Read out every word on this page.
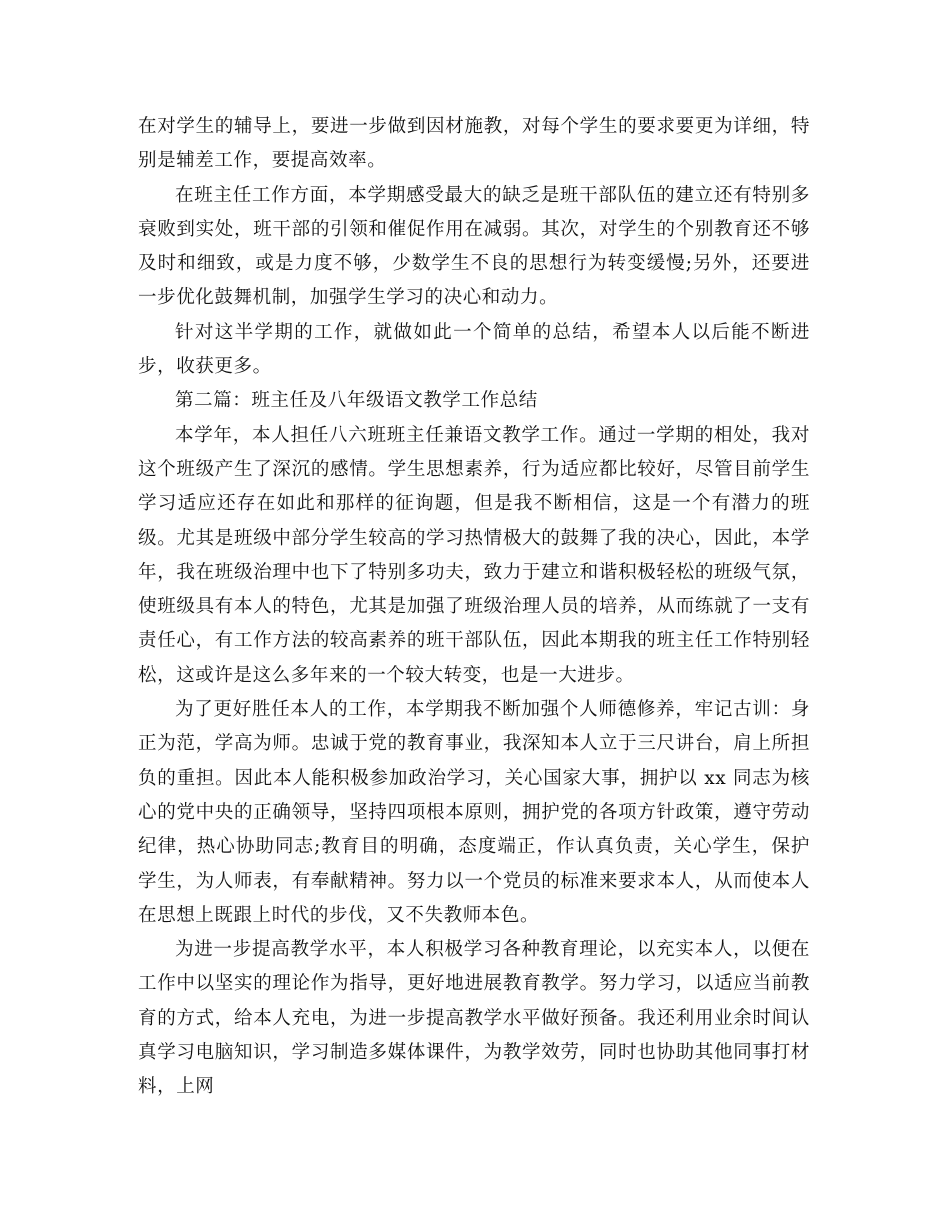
在对学生的辅导上，要进一步做到因材施教，对每个学生的要求要更为详细，特别是辅差工作，要提高效率。

在班主任工作方面，本学期感受最大的缺乏是班干部队伍的建立还有特别多衰败到实处，班干部的引领和催促作用在减弱。其次，对学生的个别教育还不够及时和细致，或是力度不够，少数学生不良的思想行为转变缓慢;另外，还要进一步优化鼓舞机制，加强学生学习的决心和动力。

针对这半学期的工作，就做如此一个简单的总结，希望本人以后能不断进步，收获更多。

第二篇：班主任及八年级语文教学工作总结

本学年，本人担任八六班班主任兼语文教学工作。通过一学期的相处，我对这个班级产生了深沉的感情。学生思想素养，行为适应都比较好，尽管目前学生学习适应还存在如此和那样的征询题，但是我不断相信，这是一个有潜力的班级。尤其是班级中部分学生较高的学习热情极大的鼓舞了我的决心，因此，本学年，我在班级治理中也下了特别多功夫，致力于建立和谐积极轻松的班级气氛，使班级具有本人的特色，尤其是加强了班级治理人员的培养，从而练就了一支有责任心，有工作方法的较高素养的班干部队伍，因此本期我的班主任工作特别轻松，这或许是这么多年来的一个较大转变，也是一大进步。

为了更好胜任本人的工作，本学期我不断加强个人师德修养，牢记古训：身正为范，学高为师。忠诚于党的教育事业，我深知本人立于三尺讲台，肩上所担负的重担。因此本人能积极参加政治学习，关心国家大事，拥护以 xx 同志为核心的党中央的正确领导，坚持四项根本原则，拥护党的各项方针政策，遵守劳动纪律，热心协助同志;教育目的明确，态度端正，作认真负责，关心学生，保护学生，为人师表，有奉献精神。努力以一个党员的标准来要求本人，从而使本人在思想上既跟上时代的步伐，又不失教师本色。

为进一步提高教学水平，本人积极学习各种教育理论，以充实本人，以便在工作中以坚实的理论作为指导，更好地进展教育教学。努力学习，以适应当前教育的方式，给本人充电，为进一步提高教学水平做好预备。我还利用业余时间认真学习电脑知识，学习制造多媒体课件，为教学效劳，同时也协助其他同事打材料，上网
